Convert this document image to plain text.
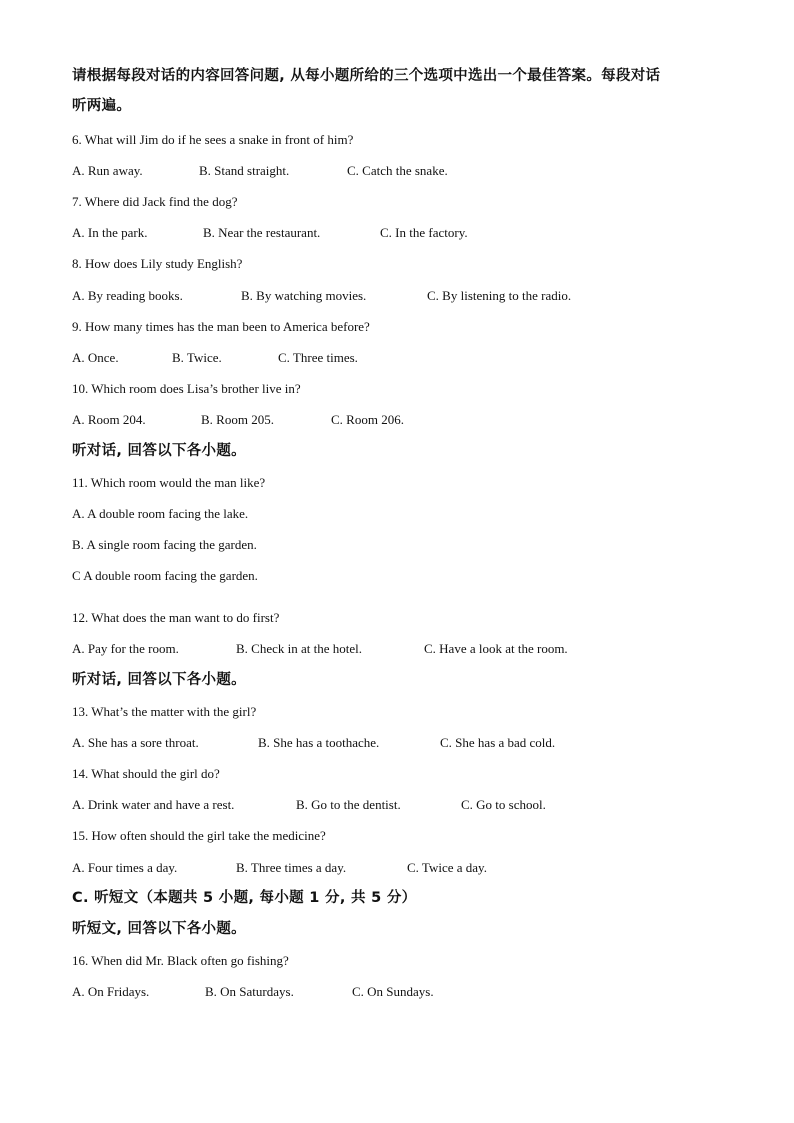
请根据每段对话的内容回答问题, 从每小题所给的三个选项中选出一个最佳答案。每段对话
听两遍。
6. What will Jim do if he sees a snake in front of him?
A. Run away.	B. Stand straight.	C. Catch the snake.
7. Where did Jack find the dog?
A. In the park.	B. Near the restaurant.	C. In the factory.
8. How does Lily study English?
A. By reading books.	B. By watching movies.	C. By listening to the radio.
9. How many times has the man been to America before?
A. Once.	B. Twice.	C. Three times.
10. Which room does Lisa’s brother live in?
A. Room 204.	B. Room 205.	C. Room 206.
听对话, 回答以下各小题。
11. Which room would the man like?
A. A double room facing the lake.
B. A single room facing the garden.
C A double room facing the garden.
12. What does the man want to do first?
A. Pay for the room.	B. Check in at the hotel.	C. Have a look at the room.
听对话, 回答以下各小题。
13. What’s the matter with the girl?
A. She has a sore throat.	B. She has a toothache.	C. She has a bad cold.
14. What should the girl do?
A. Drink water and have a rest.	B. Go to the dentist.	C. Go to school.
15. How often should the girl take the medicine?
A. Four times a day.	B. Three times a day.	C. Twice a day.
C. 听短文（本题共 5 小题, 每小题 1 分, 共 5 分）
听短文, 回答以下各小题。
16. When did Mr. Black often go fishing?
A. On Fridays.	B. On Saturdays.	C. On Sundays.
